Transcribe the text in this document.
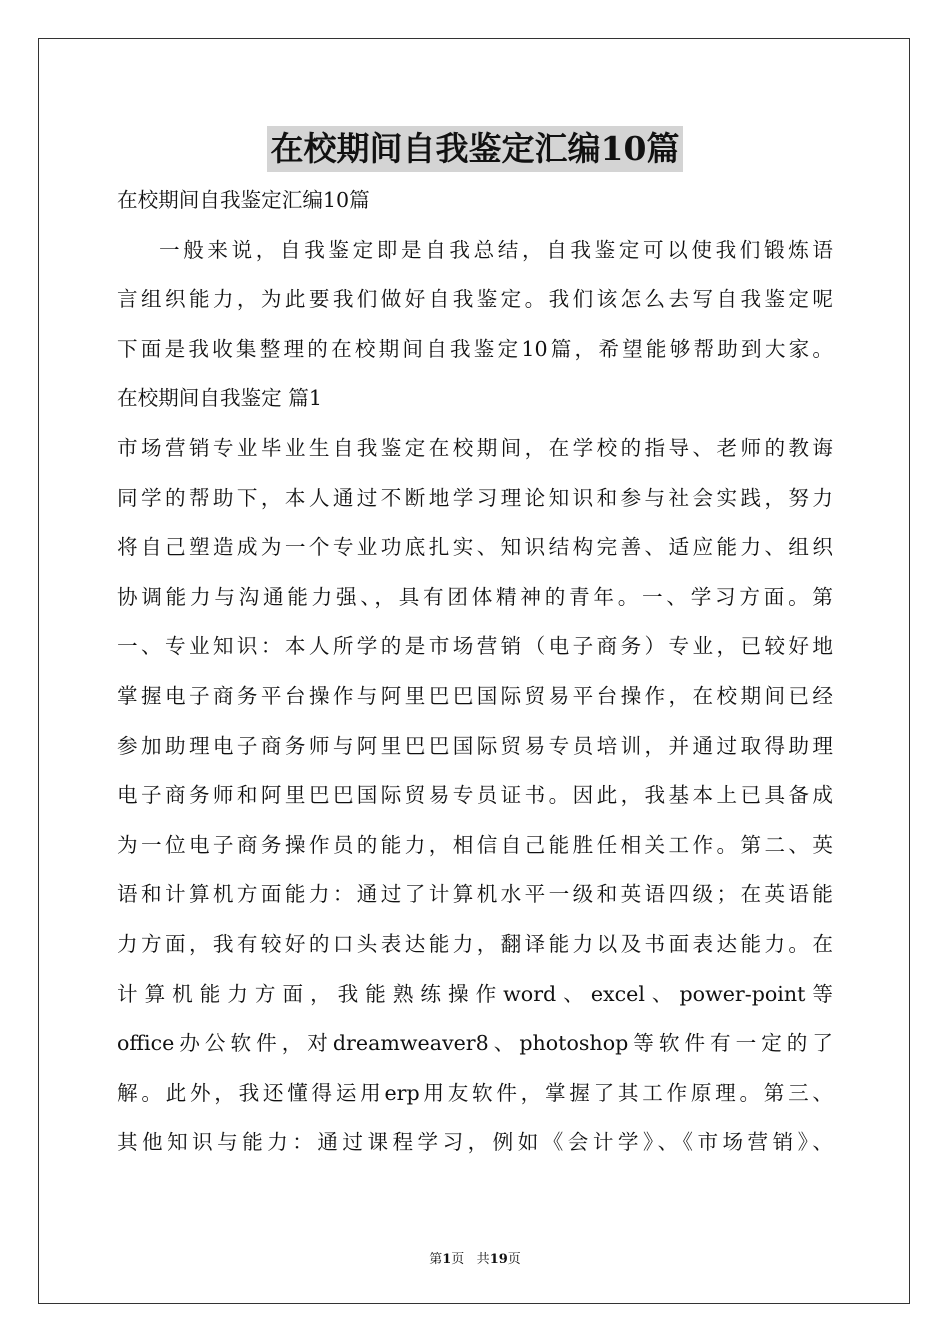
在校期间自我鉴定汇编10篇
在校期间自我鉴定汇编10篇
一般来说，自我鉴定即是自我总结，自我鉴定可以使我们锻炼语
言组织能力，为此要我们做好自我鉴定。我们该怎么去写自我鉴定呢
下面是我收集整理的在校期间自我鉴定10篇，希望能够帮助到大家。
在校期间自我鉴定 篇1
市场营销专业毕业生自我鉴定在校期间，在学校的指导、老师的教诲
同学的帮助下，本人通过不断地学习理论知识和参与社会实践，努力
将自己塑造成为一个专业功底扎实、知识结构完善、适应能力、组织
协调能力与沟通能力强、，具有团体精神的青年。一、学习方面。第
一、专业知识：本人所学的是市场营销（电子商务）专业，已较好地
掌握电子商务平台操作与阿里巴巴国际贸易平台操作，在校期间已经
参加助理电子商务师与阿里巴巴国际贸易专员培训，并通过取得助理
电子商务师和阿里巴巴国际贸易专员证书。因此，我基本上已具备成
为一位电子商务操作员的能力，相信自己能胜任相关工作。第二、英
语和计算机方面能力：通过了计算机水平一级和英语四级；在英语能
力方面，我有较好的口头表达能力，翻译能力以及书面表达能力。在
计算机能力方面，我能熟练操作word、excel、power-point等
office办公软件，对dreamweaver8、photoshop等软件有一定的了
解。此外，我还懂得运用erp用友软件，掌握了其工作原理。第三、
其他知识与能力：通过课程学习，例如《会计学》、《市场营销》、
第1页 共19页
